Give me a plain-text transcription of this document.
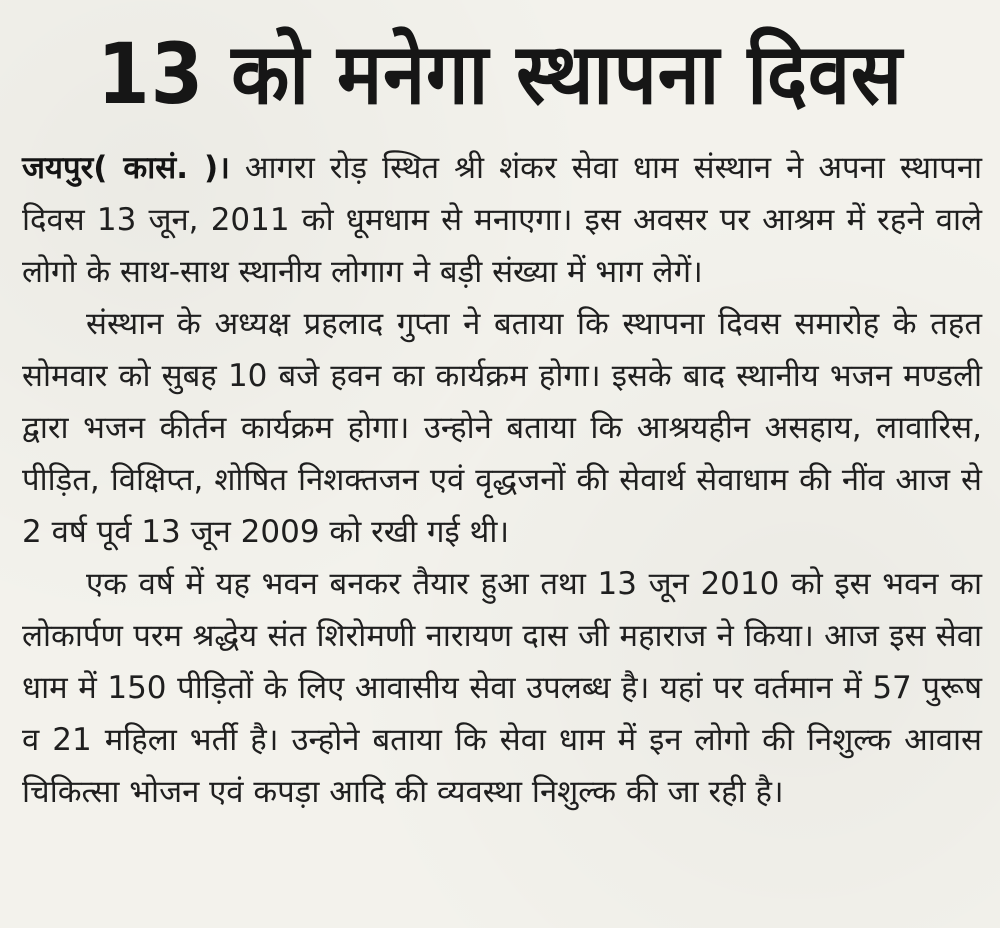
13 को मनेगा स्थापना दिवस

जयपुर( कासं. )। आगरा रोड़ स्थित श्री शंकर सेवा धाम संस्थान ने अपना स्थापना दिवस 13 जून, 2011 को धूमधाम से मनाएगा। इस अवसर पर आश्रम में रहने वाले लोगो के साथ-साथ स्थानीय लोगाग ने बड़ी संख्या में भाग लेगें।

संस्थान के अध्यक्ष प्रहलाद गुप्ता ने बताया कि स्थापना दिवस समारोह के तहत सोमवार को सुबह 10 बजे हवन का कार्यक्रम होगा। इसके बाद स्थानीय भजन मण्डली द्वारा भजन कीर्तन कार्यक्रम होगा। उन्होने बताया कि आश्रयहीन असहाय, लावारिस, पीड़ित, विक्षिप्त, शोषित निशक्तजन एवं वृद्धजनों की सेवार्थ सेवाधाम की नींव आज से 2 वर्ष पूर्व 13 जून 2009 को रखी गई थी।

एक वर्ष में यह भवन बनकर तैयार हुआ तथा 13 जून 2010 को इस भवन का लोकार्पण परम श्रद्धेय संत शिरोमणी नारायण दास जी महाराज ने किया। आज इस सेवा धाम में 150 पीड़ितों के लिए आवासीय सेवा उपलब्ध है। यहां पर वर्तमान में 57 पुरूष व 21 महिला भर्ती है। उन्होने बताया कि सेवा धाम में इन लोगो की निशुल्क आवास चिकित्सा भोजन एवं कपड़ा आदि की व्यवस्था निशुल्क की जा रही है।
